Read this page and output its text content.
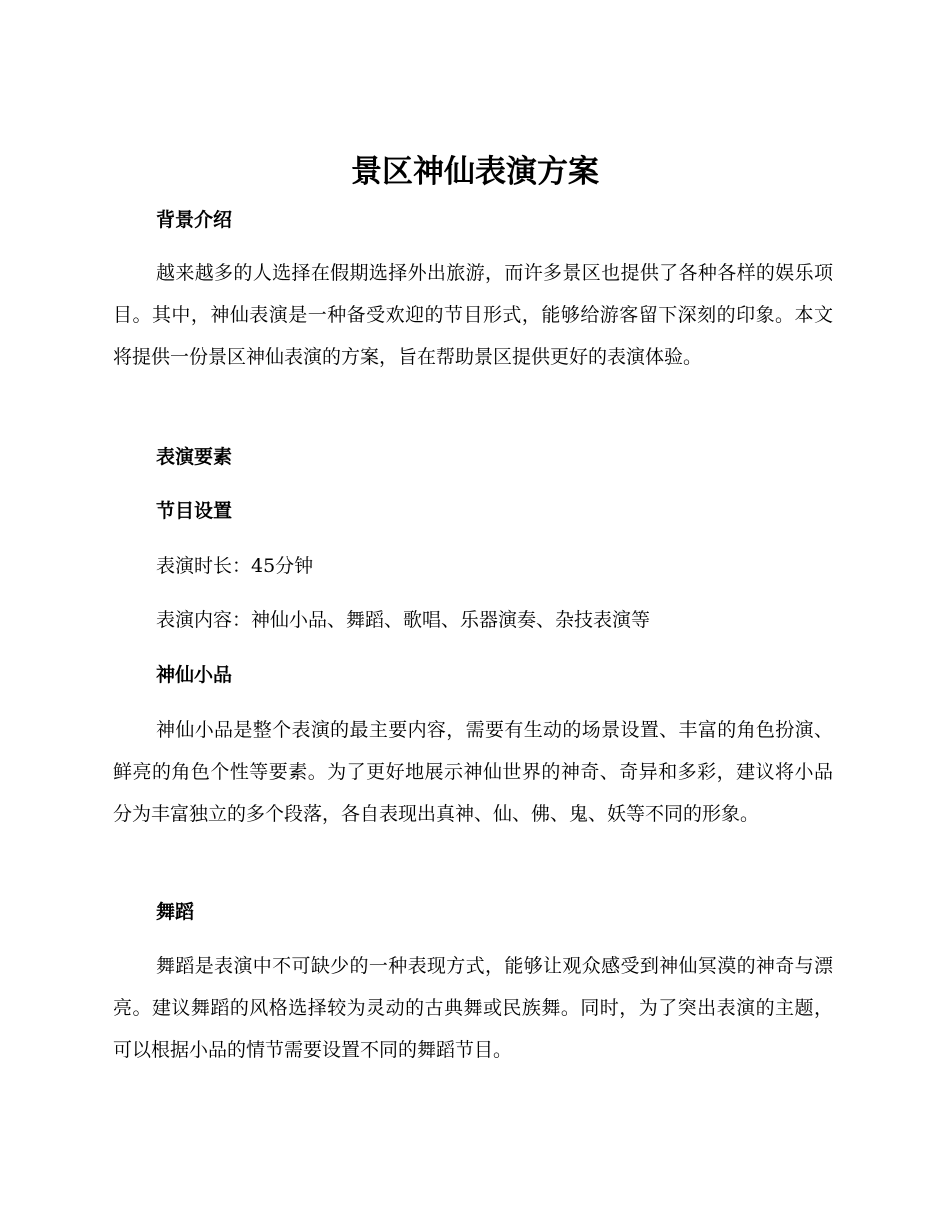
景区神仙表演方案
背景介绍
越来越多的人选择在假期选择外出旅游，而许多景区也提供了各种各样的娱乐项目。其中，神仙表演是一种备受欢迎的节目形式，能够给游客留下深刻的印象。本文将提供一份景区神仙表演的方案，旨在帮助景区提供更好的表演体验。
表演要素
节目设置
表演时长：45分钟
表演内容：神仙小品、舞蹈、歌唱、乐器演奏、杂技表演等
神仙小品
神仙小品是整个表演的最主要内容，需要有生动的场景设置、丰富的角色扮演、鲜亮的角色个性等要素。为了更好地展示神仙世界的神奇、奇异和多彩，建议将小品分为丰富独立的多个段落，各自表现出真神、仙、佛、鬼、妖等不同的形象。
舞蹈
舞蹈是表演中不可缺少的一种表现方式，能够让观众感受到神仙冥漠的神奇与漂亮。建议舞蹈的风格选择较为灵动的古典舞或民族舞。同时，为了突出表演的主题，可以根据小品的情节需要设置不同的舞蹈节目。
